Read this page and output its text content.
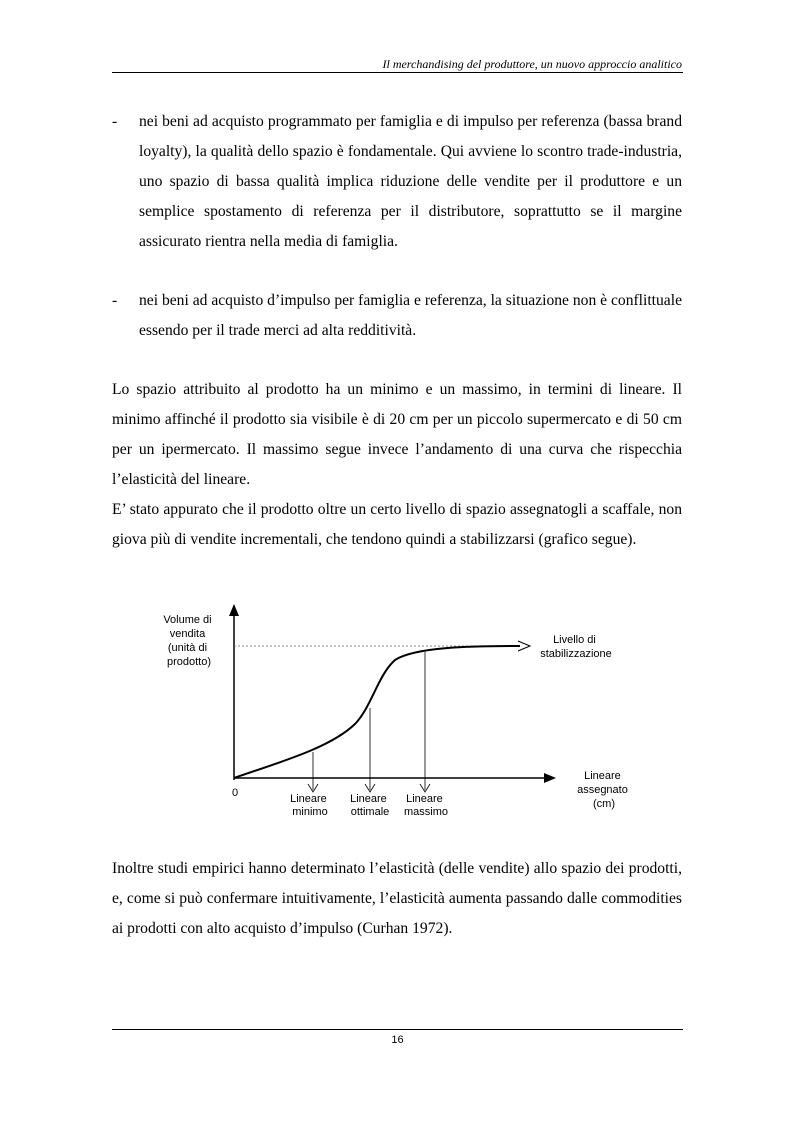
Il merchandising del produttore, un nuovo approccio analitico
- nei beni ad acquisto programmato per famiglia e di impulso per referenza (bassa brand loyalty), la qualità dello spazio è fondamentale. Qui avviene lo scontro trade-industria, uno spazio di bassa qualità implica riduzione delle vendite per il produttore e un semplice spostamento di referenza per il distributore, soprattutto se il margine assicurato rientra nella media di famiglia.
- nei beni ad acquisto d’impulso per famiglia e referenza, la situazione non è conflittuale essendo per il trade merci ad alta redditività.
Lo spazio attribuito al prodotto ha un minimo e un massimo, in termini di lineare. Il minimo affinché il prodotto sia visibile è di 20 cm per un piccolo supermercato e di 50 cm per un ipermercato. Il massimo segue invece l’andamento di una curva che rispecchia l’elasticità del lineare.
E’ stato appurato che il prodotto oltre un certo livello di spazio assegnatogli a scaffale, non giova più di vendite incrementali, che tendono quindi a stabilizzarsi (grafico segue).
Volume di vendita (unità di prodotto)
Livello di stabilizzazione
Lineare assegnato (cm)
0	Lineare minimo
Lineare ottimale
Lineare massimo
Inoltre studi empirici hanno determinato l’elasticità (delle vendite) allo spazio dei prodotti, e, come si può confermare intuitivamente, l’elasticità aumenta passando dalle commodities ai prodotti con alto acquisto d’impulso (Curhan 1972).
16
